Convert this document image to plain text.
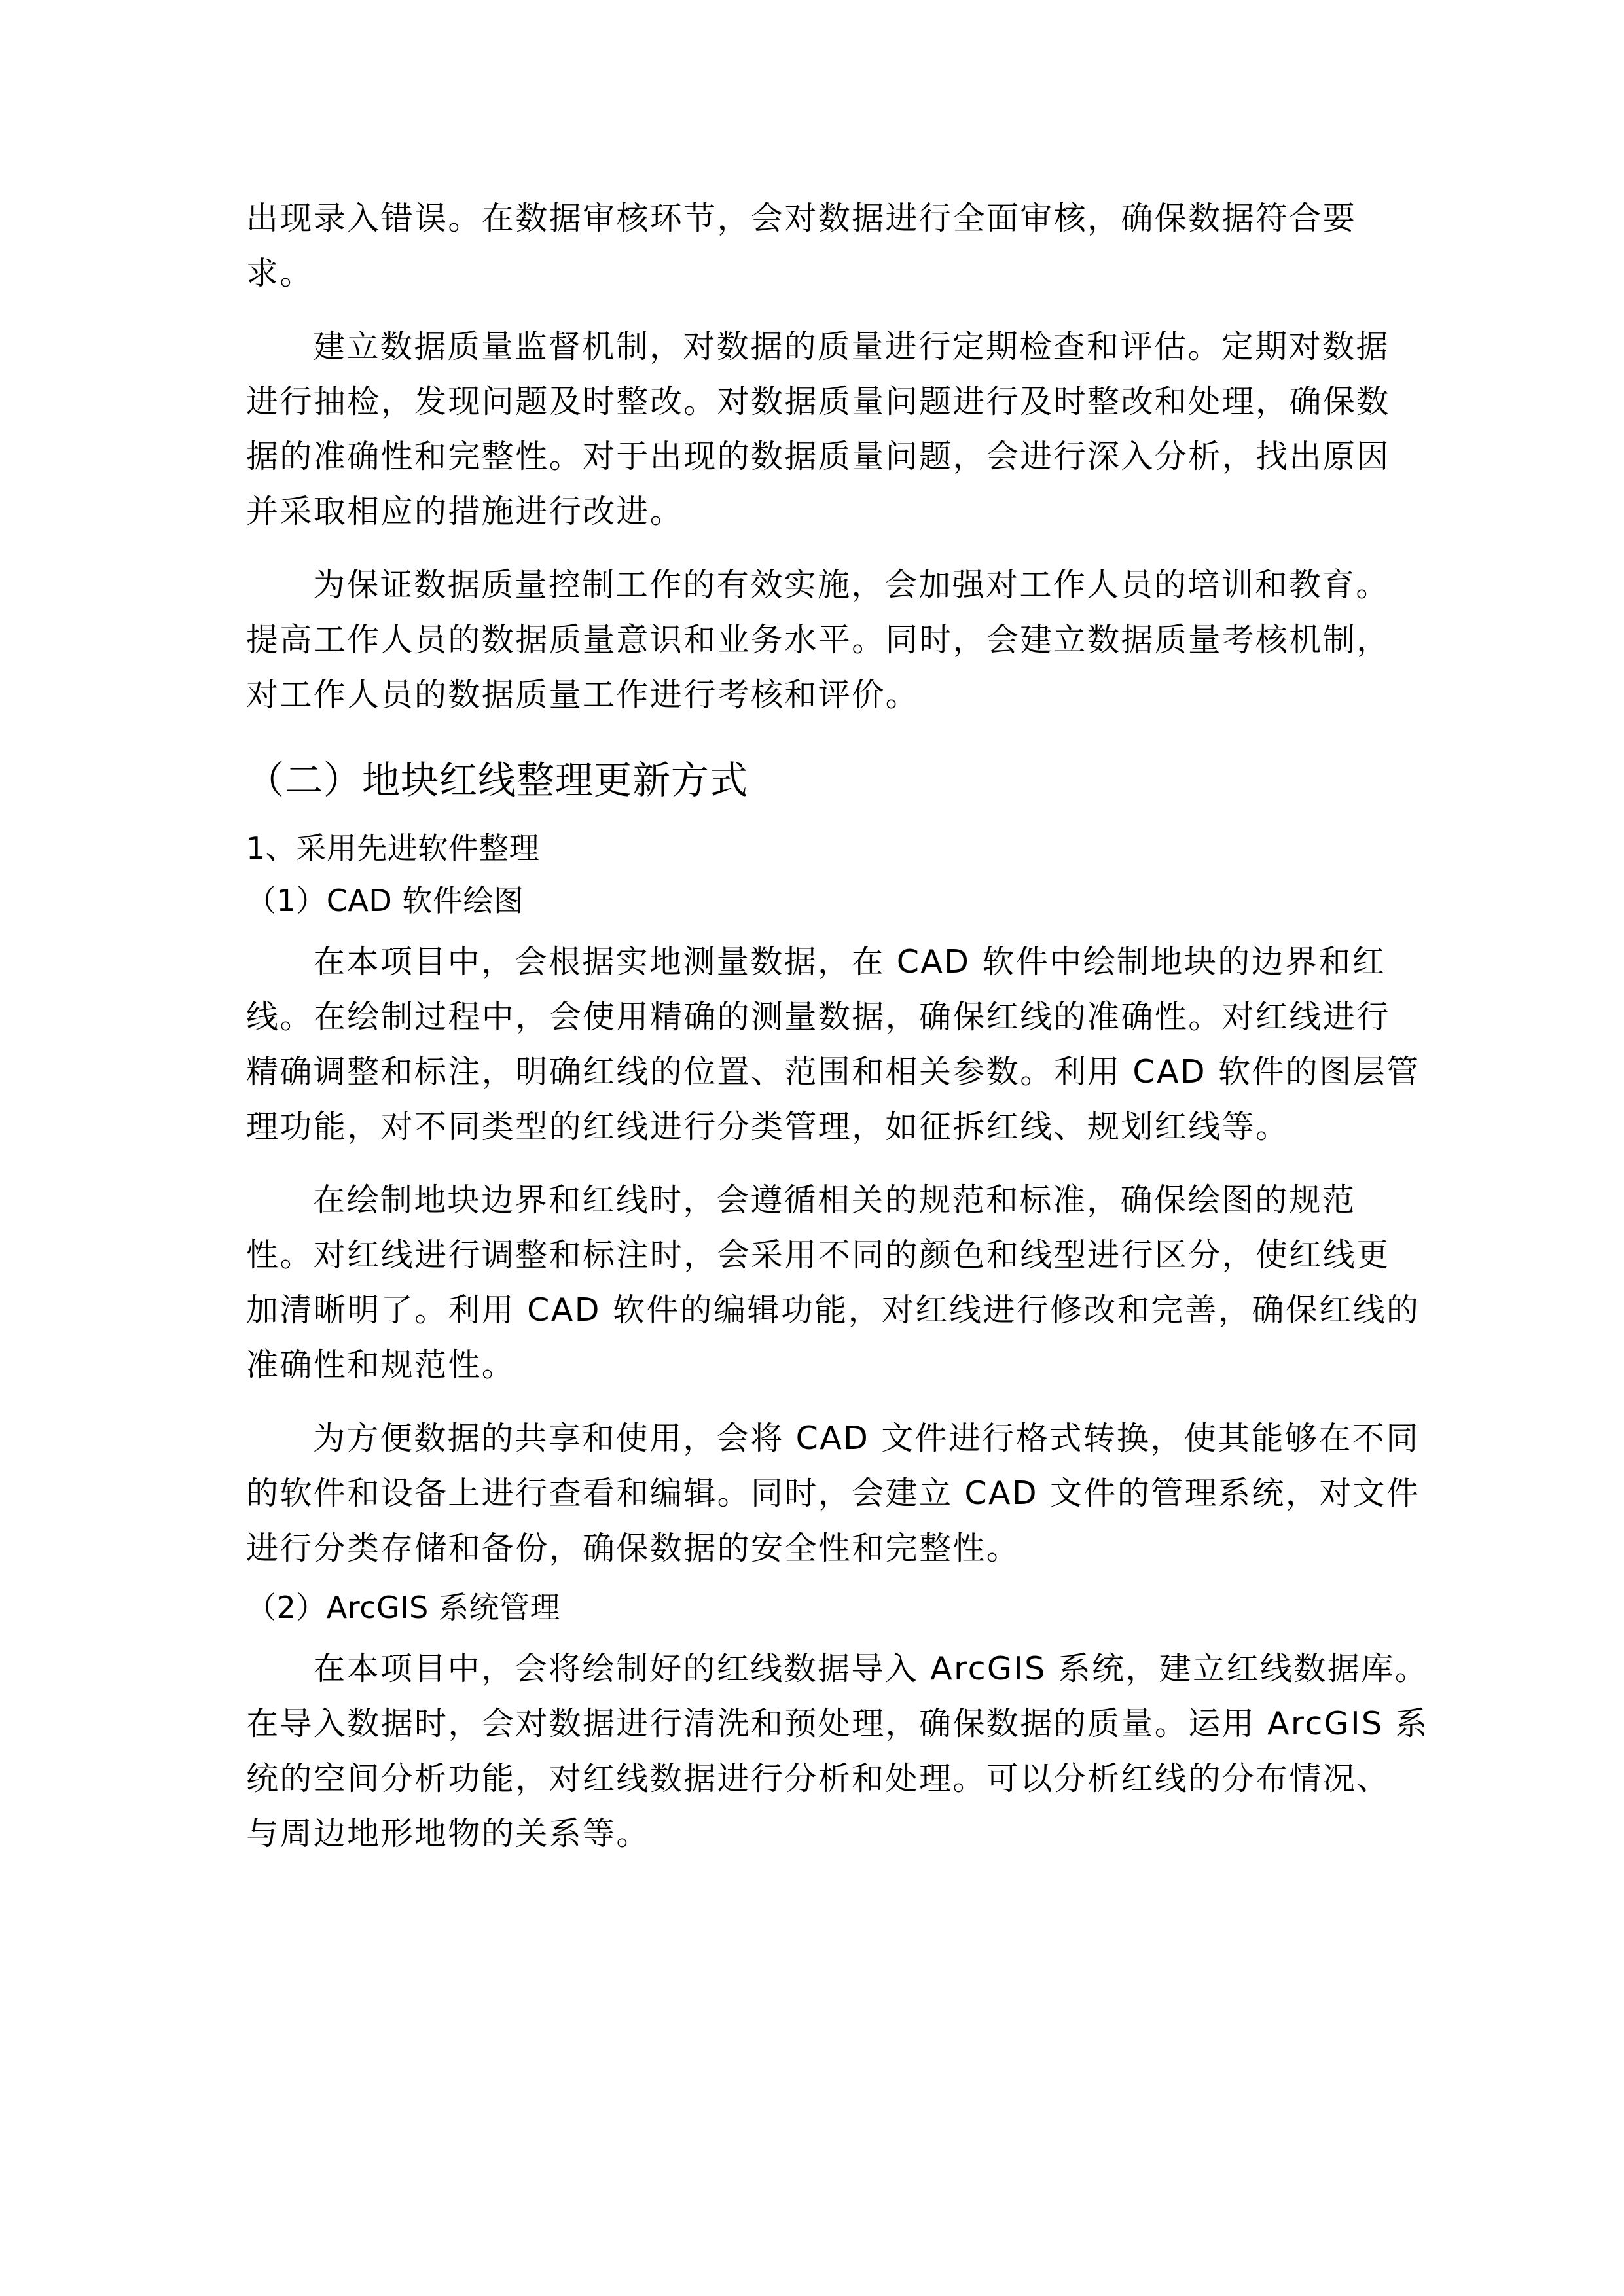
出现录入错误。在数据审核环节，会对数据进行全面审核，确保数据符合要
求。
建立数据质量监督机制，对数据的质量进行定期检查和评估。定期对数据
进行抽检，发现问题及时整改。对数据质量问题进行及时整改和处理，确保数
据的准确性和完整性。对于出现的数据质量问题，会进行深入分析，找出原因
并采取相应的措施进行改进。
为保证数据质量控制工作的有效实施，会加强对工作人员的培训和教育。
提高工作人员的数据质量意识和业务水平。同时，会建立数据质量考核机制，
对工作人员的数据质量工作进行考核和评价。
（二）地块红线整理更新方式
1、采用先进软件整理
（1）CAD 软件绘图
在本项目中，会根据实地测量数据，在 CAD 软件中绘制地块的边界和红
线。在绘制过程中，会使用精确的测量数据，确保红线的准确性。对红线进行
精确调整和标注，明确红线的位置、范围和相关参数。利用 CAD 软件的图层管
理功能，对不同类型的红线进行分类管理，如征拆红线、规划红线等。
在绘制地块边界和红线时，会遵循相关的规范和标准，确保绘图的规范
性。对红线进行调整和标注时，会采用不同的颜色和线型进行区分，使红线更
加清晰明了。利用 CAD 软件的编辑功能，对红线进行修改和完善，确保红线的
准确性和规范性。
为方便数据的共享和使用，会将 CAD 文件进行格式转换，使其能够在不同
的软件和设备上进行查看和编辑。同时，会建立 CAD 文件的管理系统，对文件
进行分类存储和备份，确保数据的安全性和完整性。
（2）ArcGIS 系统管理
在本项目中，会将绘制好的红线数据导入 ArcGIS 系统，建立红线数据库。
在导入数据时，会对数据进行清洗和预处理，确保数据的质量。运用 ArcGIS 系
统的空间分析功能，对红线数据进行分析和处理。可以分析红线的分布情况、
与周边地形地物的关系等。
